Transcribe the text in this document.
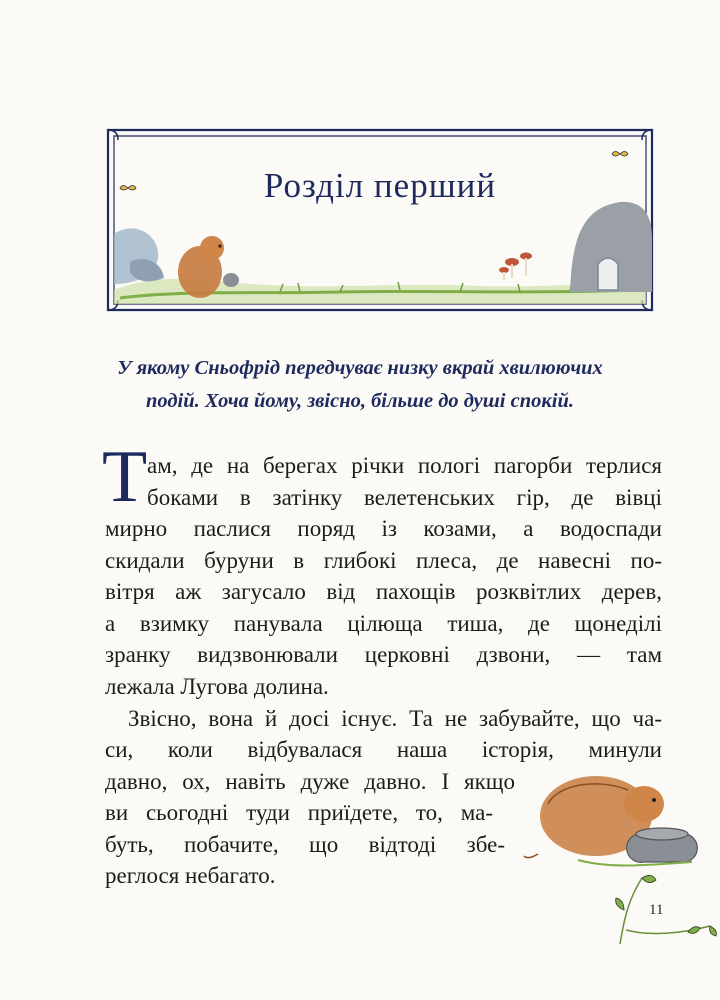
Розділ перший
У якому Сньофрід передчуває низку вкрай хвилюючих
подій. Хоча йому, звісно, більше до душі спокій.
Т ам, де на берегах річки пологі пагорби терлися
боками в затінку велетенських гір, де вівці
мирно паслися поряд із козами, а водоспади
скидали буруни в глибокі плеса, де навесні по-
вітря аж загусало від пахощів розквітлих дерев,
а взимку панувала цілюща тиша, де щонеділі
зранку видзвонювали церковні дзвони, — там
лежала Лугова долина.
Звісно, вона й досі існує. Та не забувайте, що ча-
си, коли відбувалася наша історія, минули
давно, ох, навіть дуже давно. І якщо
ви сьогодні туди приїдете, то, ма-
буть, побачите, що відтоді збе-
реглося небагато.
11
